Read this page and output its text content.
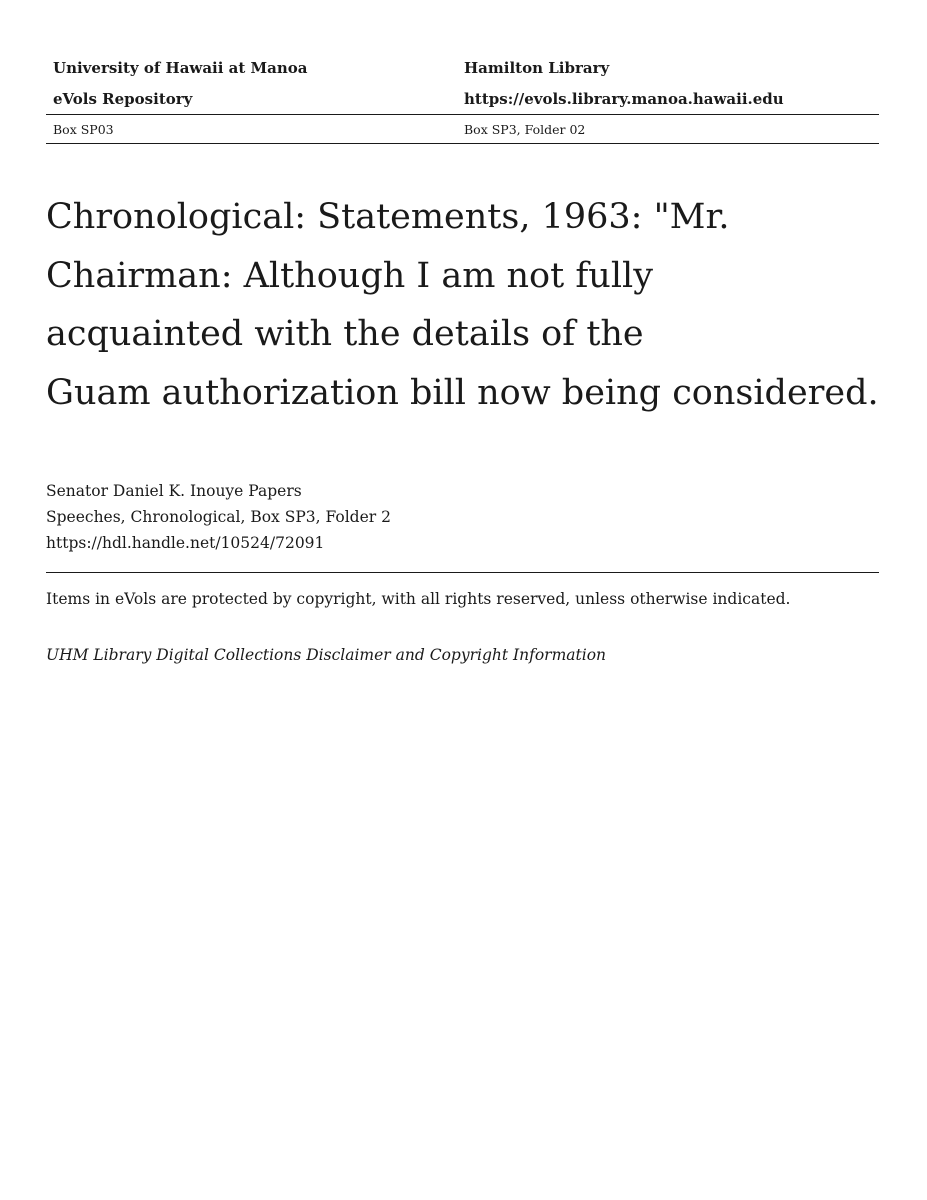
University of Hawaii at Manoa	Hamilton Library
eVols Repository	https://evols.library.manoa.hawaii.edu
Box SP03	Box SP3, Folder 02
Chronological: Statements, 1963: "Mr.
Chairman: Although I am not fully
acquainted with the details of the
Guam authorization bill now being considered.
Senator Daniel K. Inouye Papers
Speeches, Chronological, Box SP3, Folder 2
https://hdl.handle.net/10524/72091
Items in eVols are protected by copyright, with all rights reserved, unless otherwise indicated.
UHM Library Digital Collections Disclaimer and Copyright Information
